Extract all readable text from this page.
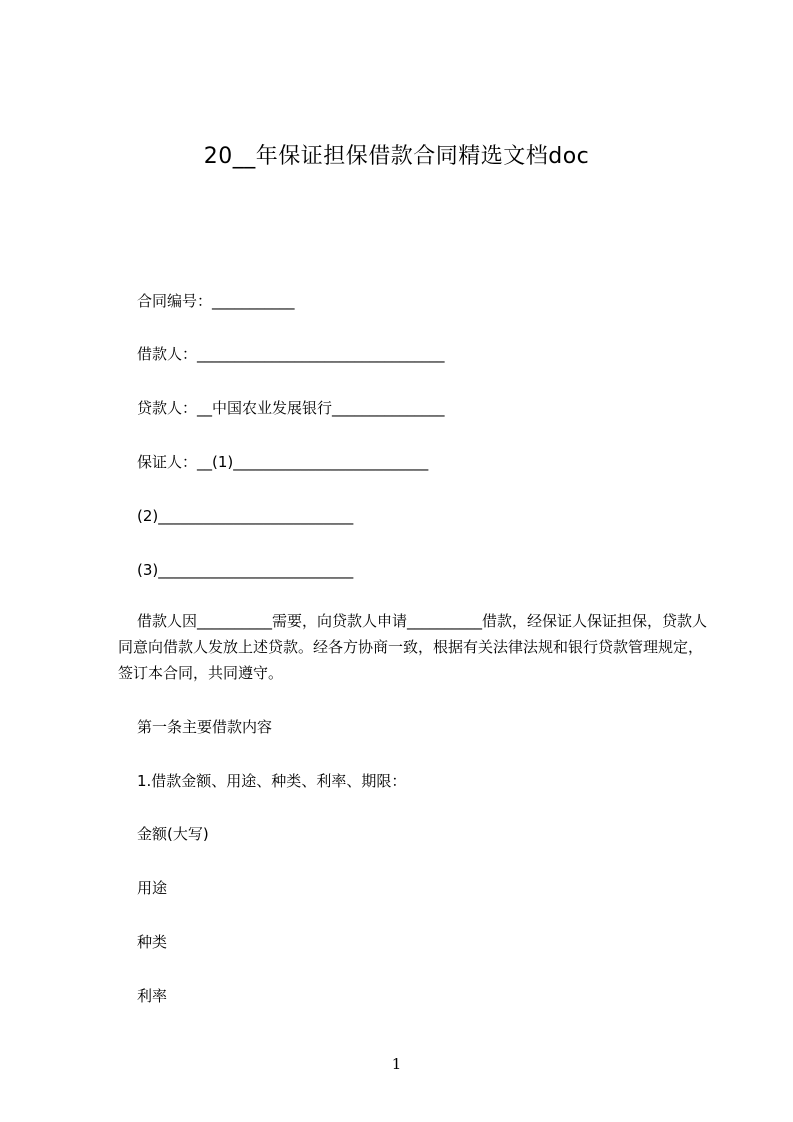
20__年保证担保借款合同精选文档doc
合同编号：___________
借款人：_________________________________
贷款人：__中国农业发展银行_______________
保证人：__(1)__________________________
(2)__________________________
(3)__________________________
借款人因__________需要，向贷款人申请__________借款，经保证人保证担保，贷款人同意向借款人发放上述贷款。经各方协商一致，根据有关法律法规和银行贷款管理规定，签订本合同，共同遵守。
第一条主要借款内容
1.借款金额、用途、种类、利率、期限：
金额(大写)
用途
种类
利率
1
